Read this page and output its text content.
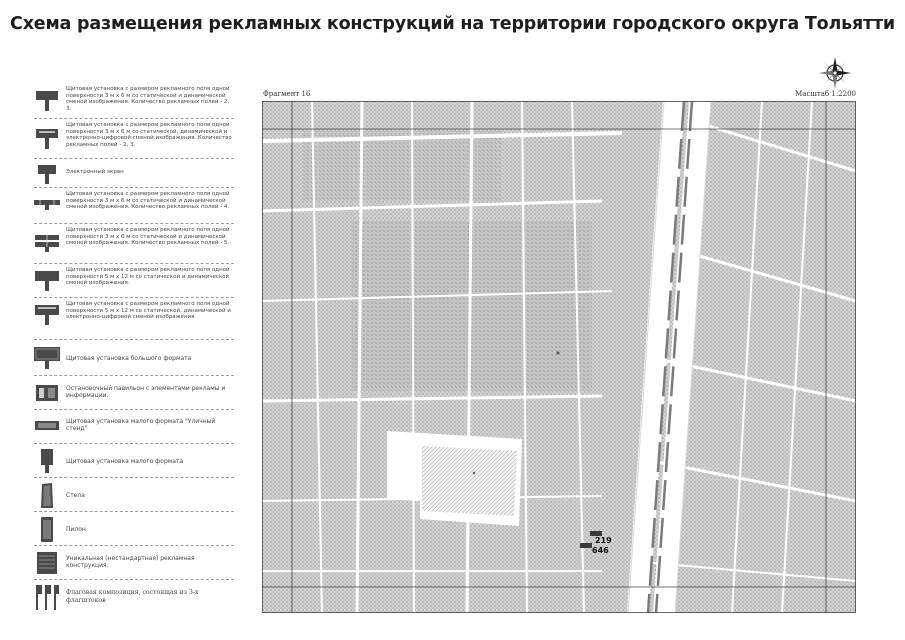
Схема размещения рекламных конструкций на территории городского округа Тольятти
Щитовая установка с размером рекламного поля одной поверхности 3 м х 6 м со статической и динамической сменой изображения. Количество рекламных полей - 2, 3.
Щитовая установка с размером рекламного поля одной поверхности 3 м х 6 м со статической, динамической и электронно-цифровой сменой изображения. Количество рекламных полей - 2, 3.
Электронный экран
Щитовая установка с размером рекламного поля одной поверхности 3 м х 6 м со статической и динамической сменой изображения. Количество рекламных полей - 4.
Щитовая установка с размером рекламного поля одной поверхности 3 м х 6 м со статической и динамической сменой изображения. Количество рекламных полей - 5.
Щитовая установка с размером рекламного поля одной поверхности 5 м х 12 м со статической и динамической сменой изображения.
Щитовая установка с размером рекламного поля одной поверхности 5 м х 12 м со статической, динамической и электронно-цифровой сменой изображения.
Щитовая установка большого формата
Остановочный павильон с элементами рекламы и информации.
Щитовая установка малого формата "Уличный стенд"
Щитовая установка малого формата
Стела
Пилон
Уникальная (нестандартная) рекламная конструкция.
Флаговая композиция, состоящая из 3-х флагштоков
Фрагмент 16	Масштаб 1:2200
219
646
